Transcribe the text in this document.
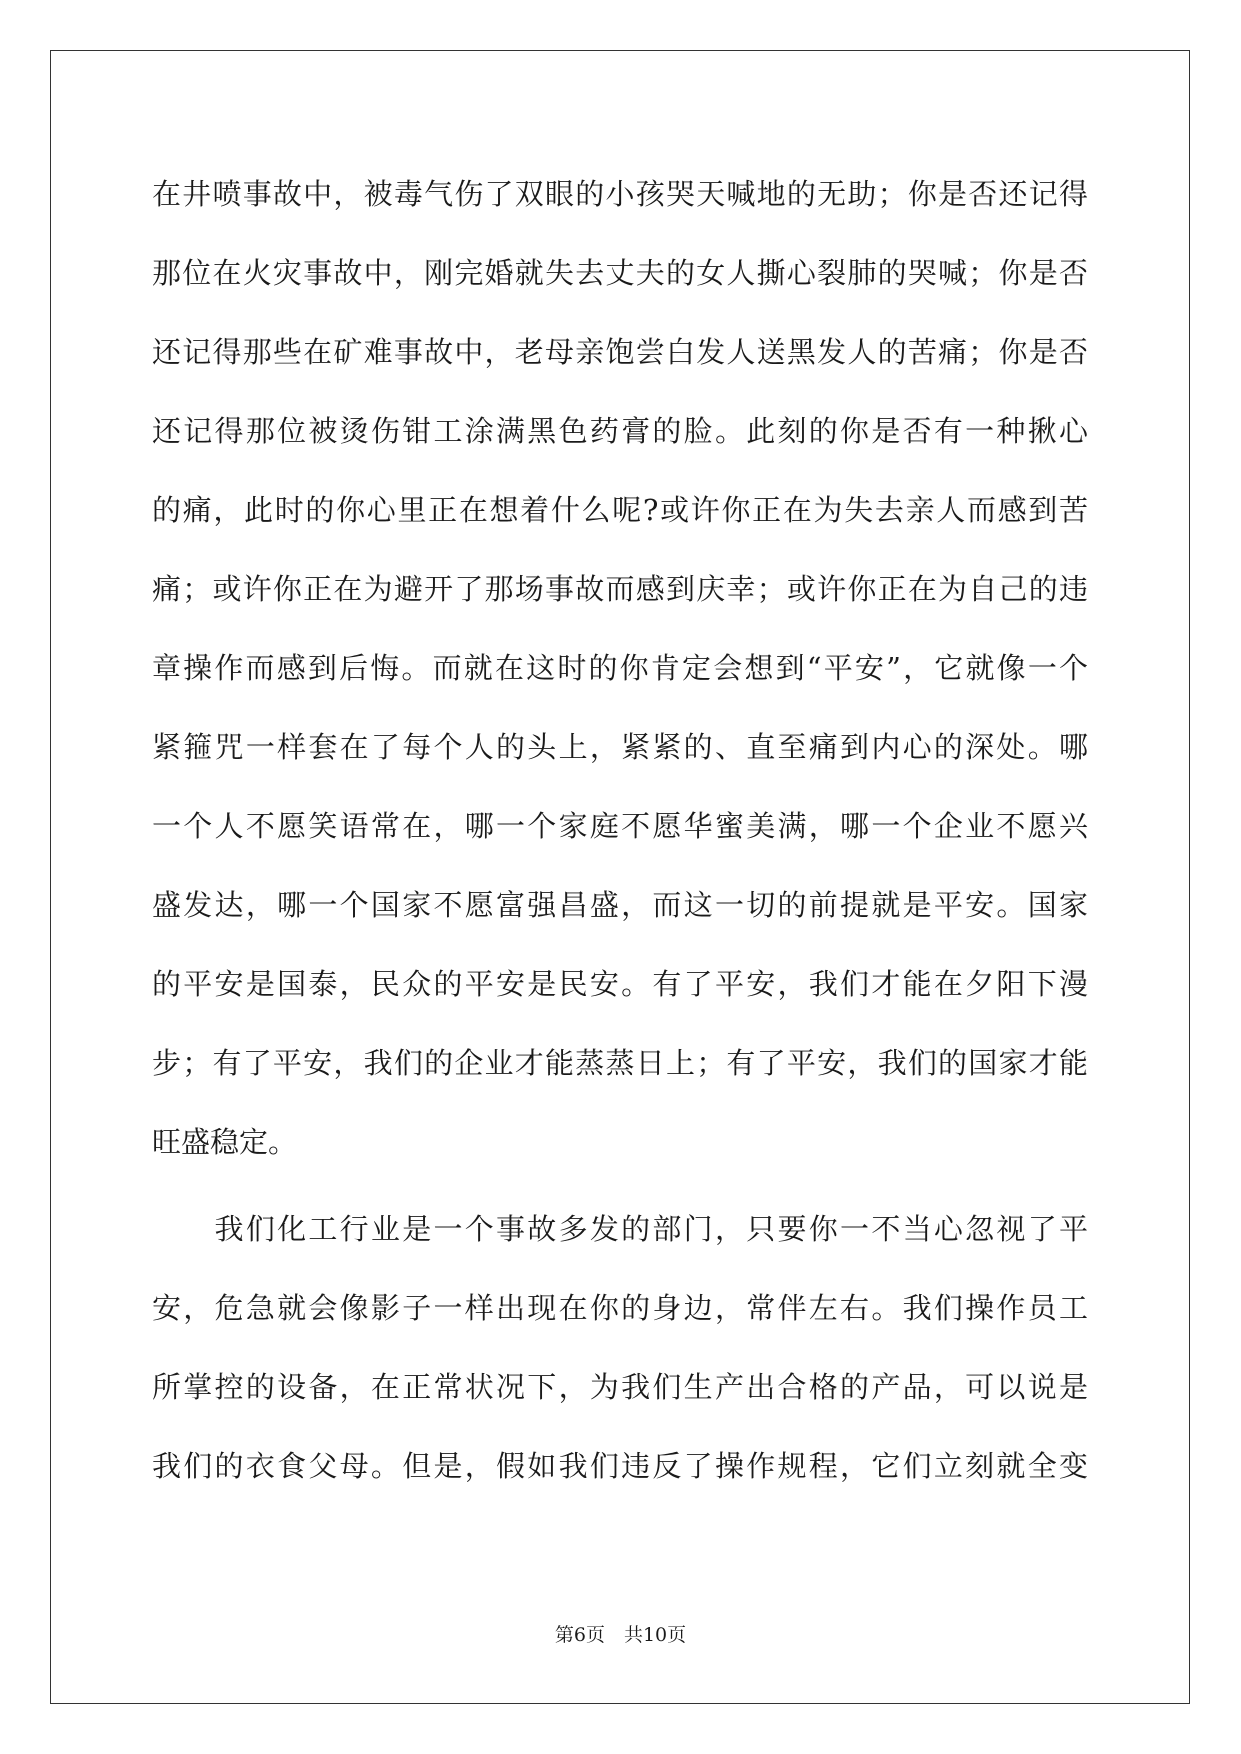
在井喷事故中，被毒气伤了双眼的小孩哭天喊地的无助；你是否还记得
那位在火灾事故中，刚完婚就失去丈夫的女人撕心裂肺的哭喊；你是否
还记得那些在矿难事故中，老母亲饱尝白发人送黑发人的苦痛；你是否
还记得那位被烫伤钳工涂满黑色药膏的脸。此刻的你是否有一种揪心
的痛，此时的你心里正在想着什么呢?或许你正在为失去亲人而感到苦
痛；或许你正在为避开了那场事故而感到庆幸；或许你正在为自己的违
章操作而感到后悔。而就在这时的你肯定会想到“平安”，它就像一个
紧箍咒一样套在了每个人的头上，紧紧的、直至痛到内心的深处。哪
一个人不愿笑语常在，哪一个家庭不愿华蜜美满，哪一个企业不愿兴
盛发达，哪一个国家不愿富强昌盛，而这一切的前提就是平安。国家
的平安是国泰，民众的平安是民安。有了平安，我们才能在夕阳下漫
步；有了平安，我们的企业才能蒸蒸日上；有了平安，我们的国家才能
旺盛稳定。
　　我们化工行业是一个事故多发的部门，只要你一不当心忽视了平
安，危急就会像影子一样出现在你的身边，常伴左右。我们操作员工
所掌控的设备，在正常状况下，为我们生产出合格的产品，可以说是
我们的衣食父母。但是，假如我们违反了操作规程，它们立刻就全变
第6页　共10页
